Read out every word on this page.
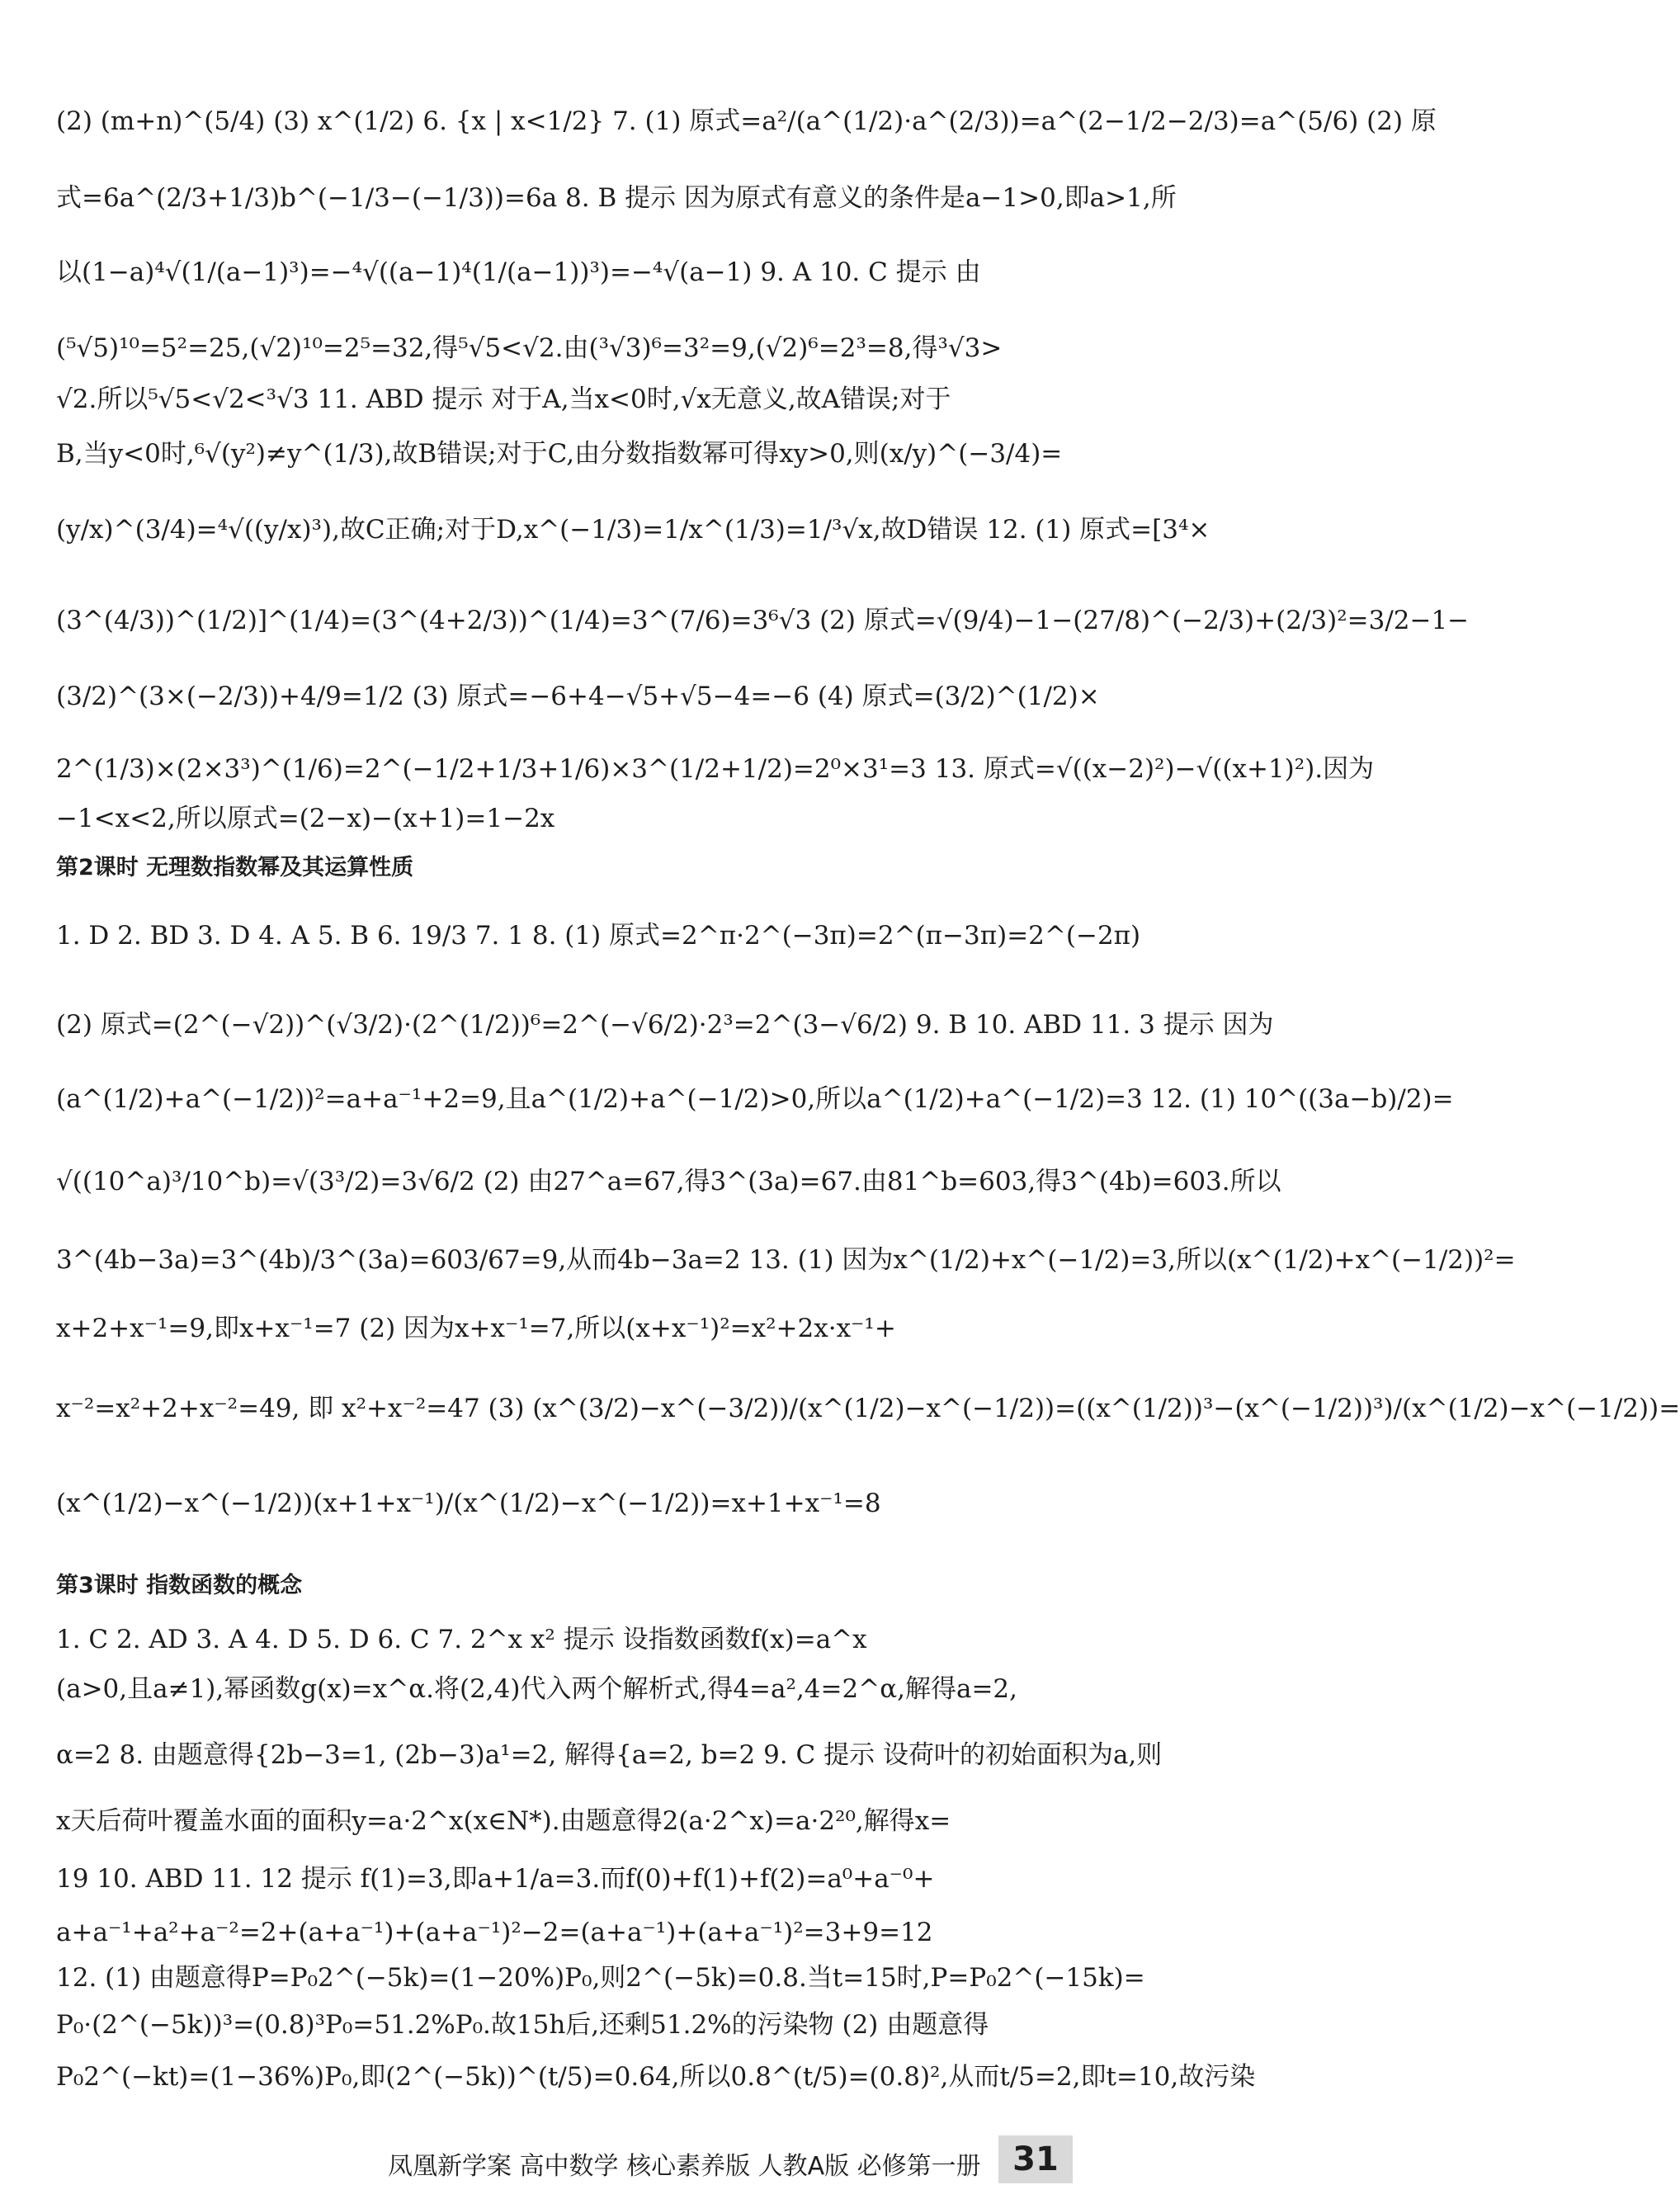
(2) (m+n)^(5/4) (3) x^(1/2) 6. {x | x<1/2} 7. (1) 原式=a²/(a^(1/2)·a^(2/3))=a^(2−1/2−2/3)=a^(5/6) (2) 原
式=6a^(2/3+1/3)b^(−1/3−(−1/3))=6a 8. B 提示 因为原式有意义的条件是a−1>0,即a>1,所
以(1−a)⁴√(1/(a−1)³)=−⁴√((a−1)⁴(1/(a−1))³)=−⁴√(a−1) 9. A 10. C 提示 由
(⁵√5)¹⁰=5²=25,(√2)¹⁰=2⁵=32,得⁵√5<√2.由(³√3)⁶=3²=9,(√2)⁶=2³=8,得³√3>
√2.所以⁵√5<√2<³√3 11. ABD 提示 对于A,当x<0时,√x无意义,故A错误;对于
B,当y<0时,⁶√(y²)≠y^(1/3),故B错误;对于C,由分数指数幂可得xy>0,则(x/y)^(−3/4)=
(y/x)^(3/4)=⁴√((y/x)³),故C正确;对于D,x^(−1/3)=1/x^(1/3)=1/³√x,故D错误 12. (1) 原式=[3⁴×
(3^(4/3))^(1/2)]^(1/4)=(3^(4+2/3))^(1/4)=3^(7/6)=3⁶√3 (2) 原式=√(9/4)−1−(27/8)^(−2/3)+(2/3)²=3/2−1−
(3/2)^(3×(−2/3))+4/9=1/2 (3) 原式=−6+4−√5+√5−4=−6 (4) 原式=(3/2)^(1/2)×
2^(1/3)×(2×3³)^(1/6)=2^(−1/2+1/3+1/6)×3^(1/2+1/2)=2⁰×3¹=3 13. 原式=√((x−2)²)−√((x+1)²).因为
−1<x<2,所以原式=(2−x)−(x+1)=1−2x
第2课时 无理数指数幂及其运算性质
1. D 2. BD 3. D 4. A 5. B 6. 19/3 7. 1 8. (1) 原式=2^π·2^(−3π)=2^(π−3π)=2^(−2π)
(2) 原式=(2^(−√2))^(√3/2)·(2^(1/2))⁶=2^(−√6/2)·2³=2^(3−√6/2) 9. B 10. ABD 11. 3 提示 因为
(a^(1/2)+a^(−1/2))²=a+a⁻¹+2=9,且a^(1/2)+a^(−1/2)>0,所以a^(1/2)+a^(−1/2)=3 12. (1) 10^((3a−b)/2)=
√((10^a)³/10^b)=√(3³/2)=3√6/2 (2) 由27^a=67,得3^(3a)=67.由81^b=603,得3^(4b)=603.所以
3^(4b−3a)=3^(4b)/3^(3a)=603/67=9,从而4b−3a=2 13. (1) 因为x^(1/2)+x^(−1/2)=3,所以(x^(1/2)+x^(−1/2))²=
x+2+x⁻¹=9,即x+x⁻¹=7 (2) 因为x+x⁻¹=7,所以(x+x⁻¹)²=x²+2x·x⁻¹+
x⁻²=x²+2+x⁻²=49, 即 x²+x⁻²=47 (3) (x^(3/2)−x^(−3/2))/(x^(1/2)−x^(−1/2))=((x^(1/2))³−(x^(−1/2))³)/(x^(1/2)−x^(−1/2))=
(x^(1/2)−x^(−1/2))(x+1+x⁻¹)/(x^(1/2)−x^(−1/2))=x+1+x⁻¹=8
第3课时 指数函数的概念
1. C 2. AD 3. A 4. D 5. D 6. C 7. 2^x x² 提示 设指数函数f(x)=a^x
(a>0,且a≠1),幂函数g(x)=x^α.将(2,4)代入两个解析式,得4=a²,4=2^α,解得a=2,
α=2 8. 由题意得{2b−3=1, (2b−3)a¹=2, 解得{a=2, b=2 9. C 提示 设荷叶的初始面积为a,则
x天后荷叶覆盖水面的面积y=a·2^x(x∈N*).由题意得2(a·2^x)=a·2²⁰,解得x=
19 10. ABD 11. 12 提示 f(1)=3,即a+1/a=3.而f(0)+f(1)+f(2)=a⁰+a⁻⁰+
a+a⁻¹+a²+a⁻²=2+(a+a⁻¹)+(a+a⁻¹)²−2=(a+a⁻¹)+(a+a⁻¹)²=3+9=12
12. (1) 由题意得P=P₀2^(−5k)=(1−20%)P₀,则2^(−5k)=0.8.当t=15时,P=P₀2^(−15k)=
P₀·(2^(−5k))³=(0.8)³P₀=51.2%P₀.故15h后,还剩51.2%的污染物 (2) 由题意得
P₀2^(−kt)=(1−36%)P₀,即(2^(−5k))^(t/5)=0.64,所以0.8^(t/5)=(0.8)²,从而t/5=2,即t=10,故污染
凤凰新学案 高中数学 核心素养版 人教A版 必修第一册 31
